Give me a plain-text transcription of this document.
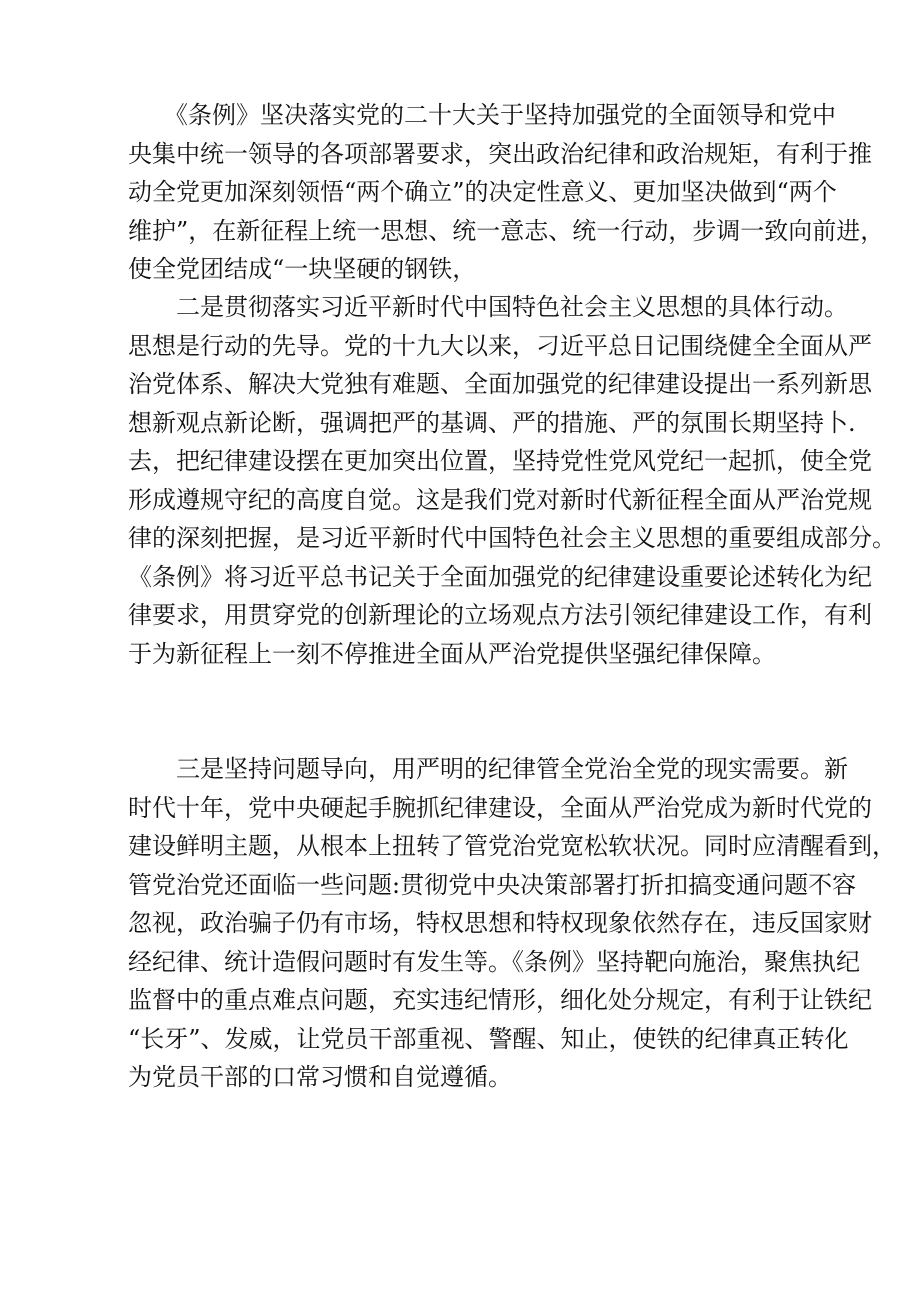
　　《条例》坚决落实党的二十大关于坚持加强党的全面领导和党中
央集中统一领导的各项部署要求，突出政治纪律和政治规矩，有利于推
动全党更加深刻领悟“两个确立”的决定性意义、更加坚决做到“两个
维护”，在新征程上统一思想、统一意志、统一行动，步调一致向前进，
使全党团结成“一块坚硬的钢铁，
　　二是贯彻落实习近平新时代中国特色社会主义思想的具体行动。
思想是行动的先导。党的十九大以来，刁近平总日记围绕健全全面从严
治党体系、解决大党独有难题、全面加强党的纪律建设提出一系列新思
想新观点新论断，强调把严的基调、严的措施、严的氛围长期坚持卜.
去，把纪律建设摆在更加突出位置，坚持党性党风党纪一起抓，使全党
形成遵规守纪的高度自觉。这是我们党对新时代新征程全面从严治党规
律的深刻把握，是习近平新时代中国特色社会主义思想的重要组成部分。
《条例》将习近平总书记关于全面加强党的纪律建设重要论述转化为纪
律要求，用贯穿党的创新理论的立场观点方法引领纪律建设工作，有利
于为新征程上一刻不停推进全面从严治党提供坚强纪律保障。
　　三是坚持问题导向，用严明的纪律管全党治全党的现实需要。新
时代十年，党中央硬起手腕抓纪律建设，全面从严治党成为新时代党的
建设鲜明主题，从根本上扭转了管党治党宽松软状况。同时应清醒看到，
管党治党还面临一些问题:贯彻党中央决策部署打折扣搞变通问题不容
忽视，政治骗子仍有市场，特权思想和特权现象依然存在，违反国家财
经纪律、统计造假问题时有发生等。《条例》坚持靶向施治，聚焦执纪
监督中的重点难点问题，充实违纪情形，细化处分规定，有利于让铁纪
“长牙”、发威，让党员干部重视、警醒、知止，使铁的纪律真正转化
为党员干部的口常习惯和自觉遵循。
